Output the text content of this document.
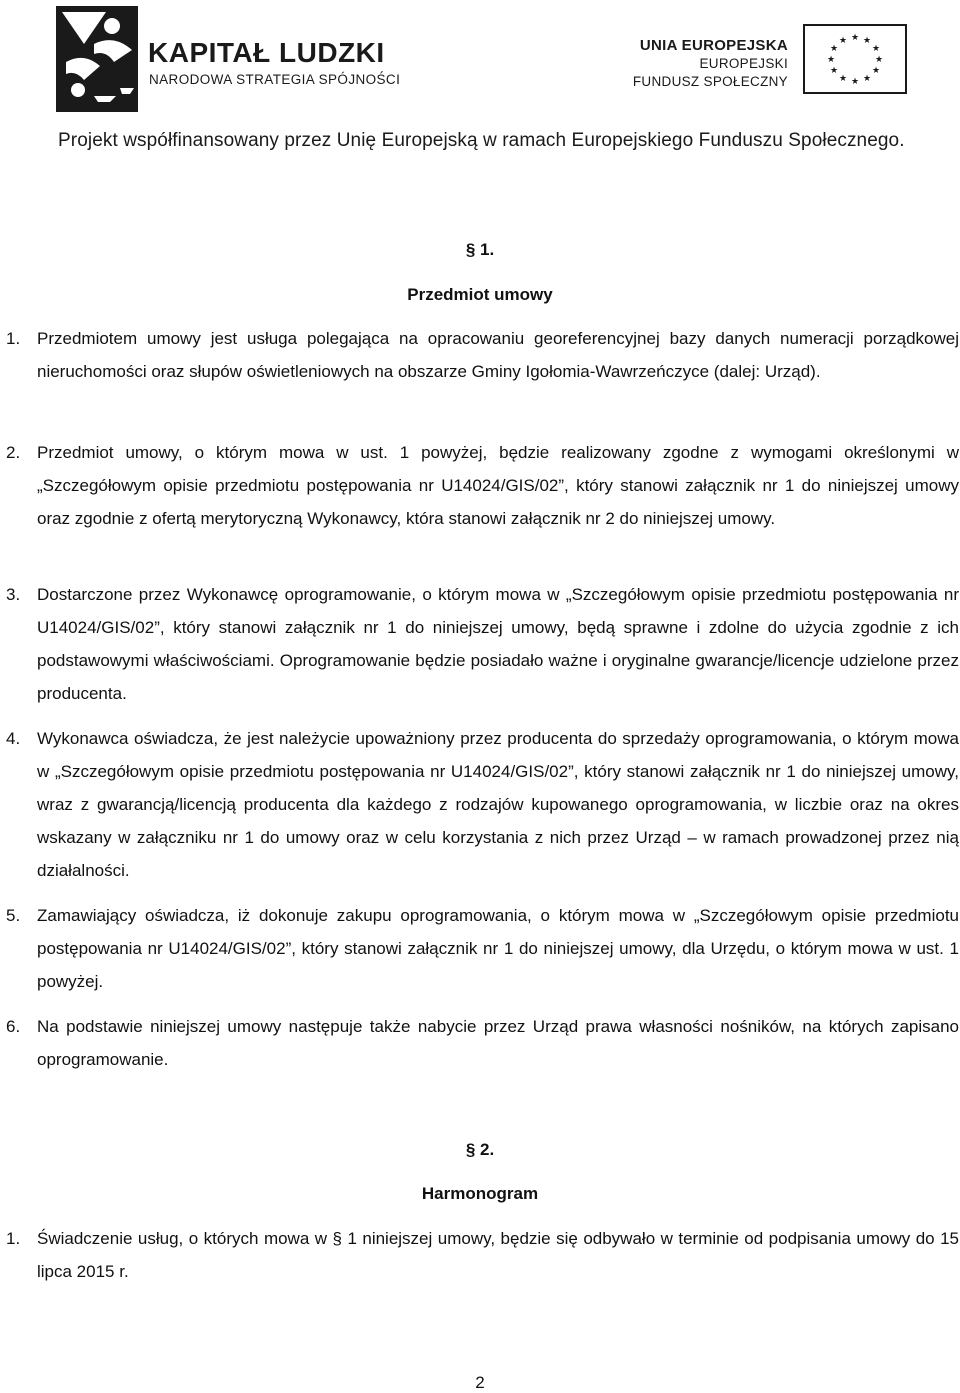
KAPITAŁ LUDZKI
NARODOWA STRATEGIA SPÓJNOŚCI
UNIA EUROPEJSKA
EUROPEJSKI
FUNDUSZ SPOŁECZNY
★ ★
★
★
★
★
★
★
★
★
★
★
Projekt współfinansowany przez Unię Europejską w ramach Europejskiego Funduszu Społecznego.
§ 1.
Przedmiot umowy
1. Przedmiotem umowy jest usługa polegająca na opracowaniu georeferencyjnej bazy danych numeracji porządkowej nieruchomości oraz słupów oświetleniowych na obszarze Gminy Igołomia-Wawrzeńczyce (dalej: Urząd).
2. Przedmiot umowy, o którym mowa w ust. 1 powyżej, będzie realizowany zgodne z wymogami określonymi w „Szczegółowym opisie przedmiotu postępowania nr U14024/GIS/02”, który stanowi załącznik nr 1 do niniejszej umowy oraz zgodnie z ofertą merytoryczną Wykonawcy, która stanowi załącznik nr 2 do niniejszej umowy.
3. Dostarczone przez Wykonawcę oprogramowanie, o którym mowa w „Szczegółowym opisie przedmiotu postępowania nr U14024/GIS/02”, który stanowi załącznik nr 1 do niniejszej umowy, będą sprawne i zdolne do użycia zgodnie z ich podstawowymi właściwościami. Oprogramowanie będzie posiadało ważne i oryginalne gwarancje/licencje udzielone przez producenta.
4. Wykonawca oświadcza, że jest należycie upoważniony przez producenta do sprzedaży oprogramowania, o którym mowa w „Szczegółowym opisie przedmiotu postępowania nr U14024/GIS/02”, który stanowi załącznik nr 1 do niniejszej umowy, wraz z gwarancją/licencją producenta dla każdego z rodzajów kupowanego oprogramowania, w liczbie oraz na okres wskazany w załączniku nr 1 do umowy oraz w celu korzystania z nich przez Urząd – w ramach prowadzonej przez nią działalności.
5. Zamawiający oświadcza, iż dokonuje zakupu oprogramowania, o którym mowa w „Szczegółowym opisie przedmiotu postępowania nr U14024/GIS/02”, który stanowi załącznik nr 1 do niniejszej umowy, dla Urzędu, o którym mowa w ust. 1 powyżej.
6. Na podstawie niniejszej umowy następuje także nabycie przez Urząd prawa własności nośników, na których zapisano oprogramowanie.
§ 2.
Harmonogram
1. Świadczenie usług, o których mowa w § 1 niniejszej umowy, będzie się odbywało w terminie od podpisania umowy do 15 lipca 2015 r.
2
